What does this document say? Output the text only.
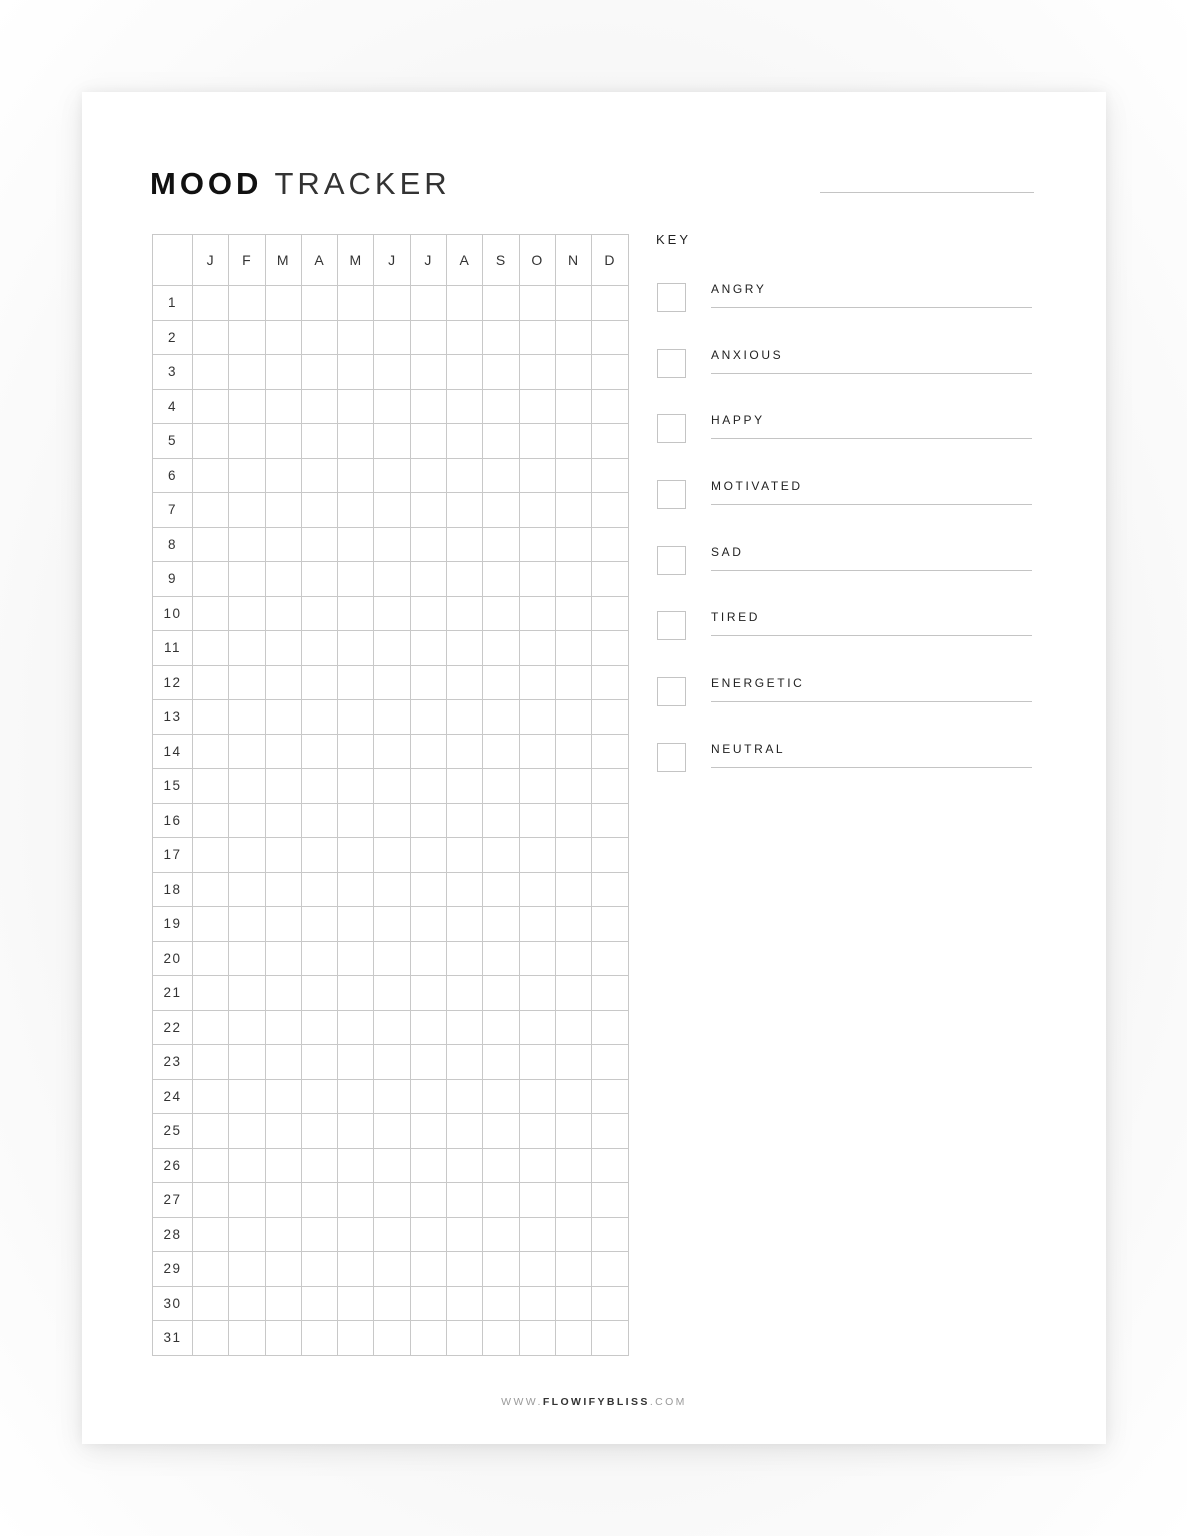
MOOD TRACKER
	J	F	M	A	M	J	J	A	S	O	N	D
1												
2												
3												
4												
5												
6												
7												
8												
9												
10												
11												
12												
13												
14												
15												
16												
17												
18												
19												
20												
21												
22												
23												
24												
25												
26												
27												
28												
29												
30												
31												
KEY
ANGRY
ANXIOUS
HAPPY
MOTIVATED
SAD
TIRED
ENERGETIC
NEUTRAL
WWW.FLOWIFYBLISS.COM
